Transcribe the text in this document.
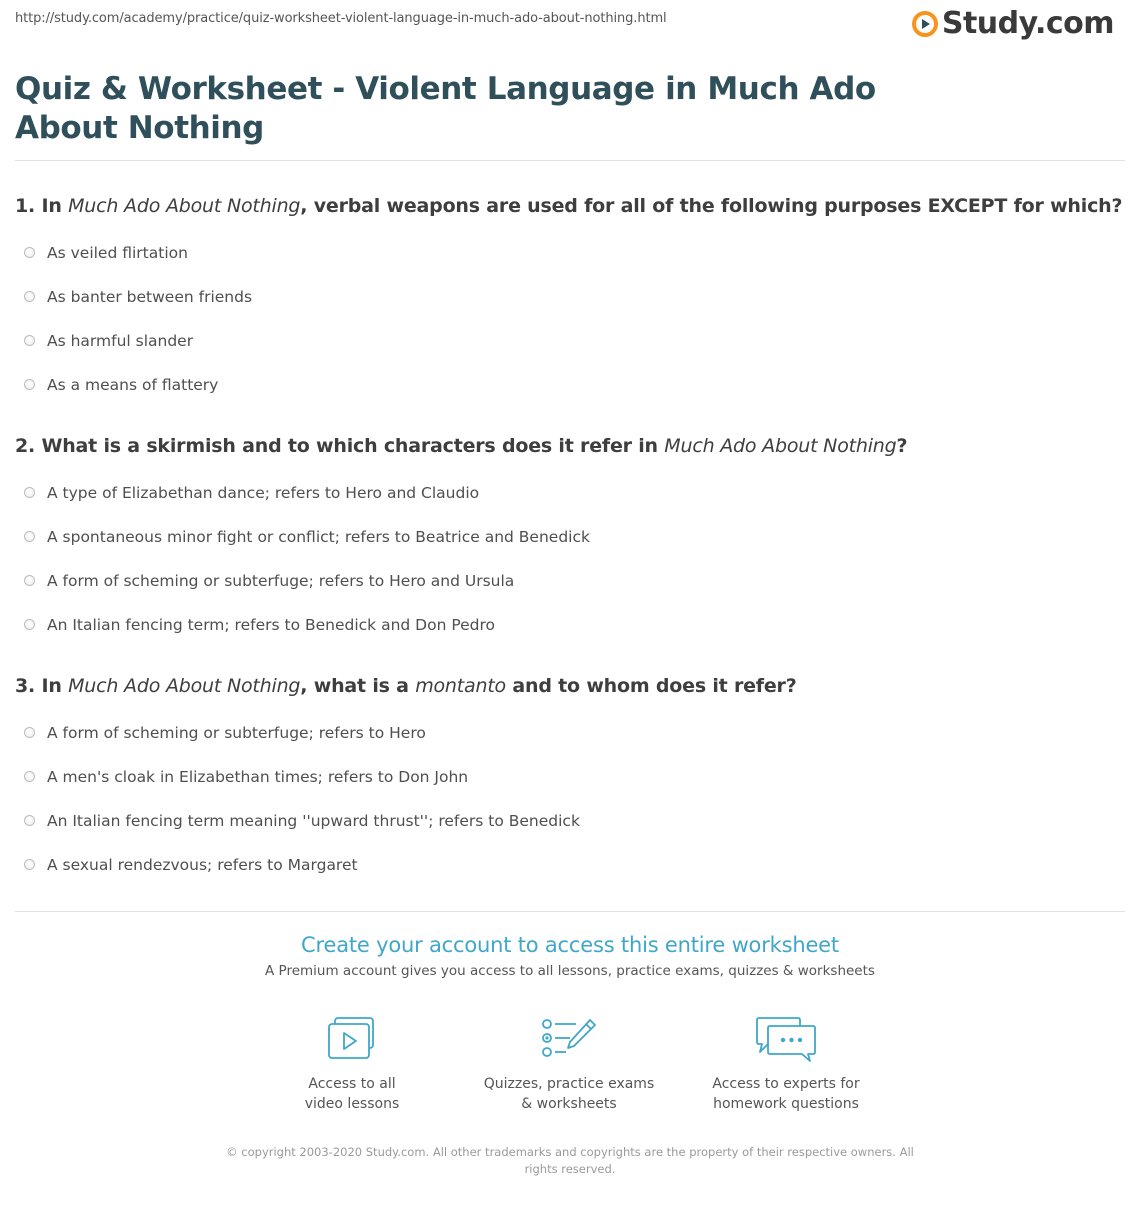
http://study.com/academy/practice/quiz-worksheet-violent-language-in-much-ado-about-nothing.html	Study.com
Quiz & Worksheet - Violent Language in Much Ado About Nothing

1. In Much Ado About Nothing, verbal weapons are used for all of the following purposes EXCEPT for which?

As veiled flirtation
As banter between friends
As harmful slander
As a means of flattery

2. What is a skirmish and to which characters does it refer in Much Ado About Nothing?

A type of Elizabethan dance; refers to Hero and Claudio
A spontaneous minor fight or conflict; refers to Beatrice and Benedick
A form of scheming or subterfuge; refers to Hero and Ursula
An Italian fencing term; refers to Benedick and Don Pedro

3. In Much Ado About Nothing, what is a montanto and to whom does it refer?

A form of scheming or subterfuge; refers to Hero
A men's cloak in Elizabethan times; refers to Don John
An Italian fencing term meaning ''upward thrust''; refers to Benedick
A sexual rendezvous; refers to Margaret
Create your account to access this entire worksheet

A Premium account gives you access to all lessons, practice exams, quizzes & worksheets

Access to all
video lessons
Quizzes, practice exams
& worksheets
Access to experts for
homework questions
© copyright 2003-2020 Study.com. All other trademarks and copyrights are the property of their respective owners. All rights reserved.
